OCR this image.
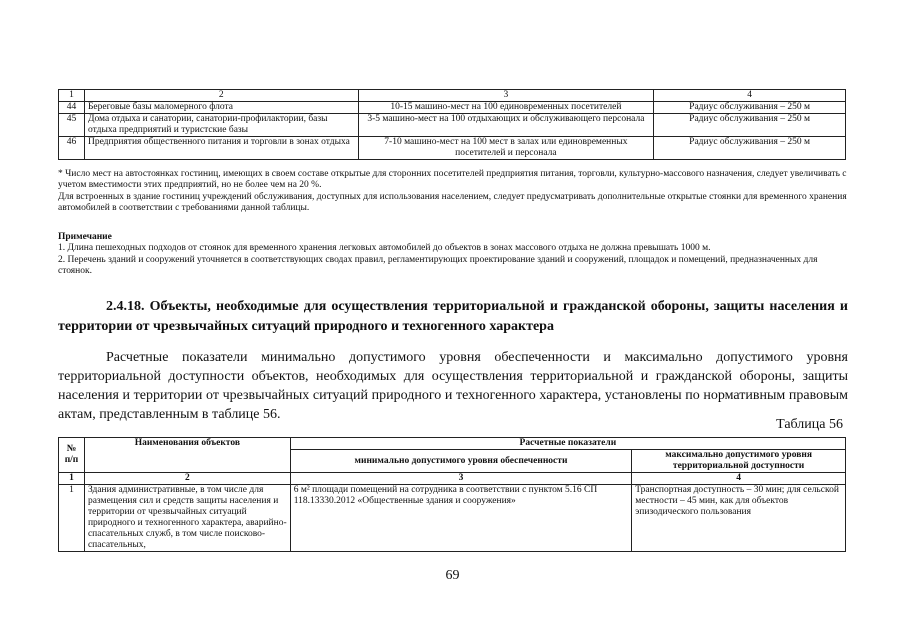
1	2	3	4
44	Береговые базы маломерного флота	10-15 машино-мест на 100 единовременных посетителей	Радиус обслуживания – 250 м
45	Дома отдыха и санатории, санатории-профилактории, базы отдыха предприятий и туристские базы	3-5 машино-мест на 100 отдыхающих и обслуживающего персонала	Радиус обслуживания – 250 м
46	Предприятия общественного питания и торговли в зонах отдыха	7-10 машино-мест на 100 мест в залах или единовременных посетителей и персонала	Радиус обслуживания – 250 м
* Число мест на автостоянках гостиниц, имеющих в своем составе открытые для сторонних посетителей предприятия питания, торговли, культурно-массового назначения, следует увеличивать с учетом вместимости этих предприятий, но не более чем на 20 %.
Для встроенных в здание гостиниц учреждений обслуживания, доступных для использования населением, следует предусматривать дополнительные открытые стоянки для временного хранения автомобилей в соответствии с требованиями данной таблицы.
Примечание
1. Длина пешеходных подходов от стоянок для временного хранения легковых автомобилей до объектов в зонах массового отдыха не должна превышать 1000 м.
2. Перечень зданий и сооружений уточняется в соответствующих сводах правил, регламентирующих проектирование зданий и сооружений, площадок и помещений, предназначенных для стоянок.
2.4.18. Объекты, необходимые для осуществления территориальной и гражданской обороны, защиты населения и территории от чрезвычайных ситуаций природного и техногенного характера
Расчетные показатели минимально допустимого уровня обеспеченности и максимально допустимого уровня территориальной доступности объектов, необходимых для осуществления территориальной и гражданской обороны, защиты населения и территории от чрезвычайных ситуаций природного и техногенного характера, установлены по нормативным правовым актам, представленным в таблице 56.
Таблица 56
№ п/п	Наименования объектов	Расчетные показатели	
		минимально допустимого уровня обеспеченности	максимально допустимого уровня территориальной доступности
1	2	3	4
1	Здания административные, в том числе для размещения сил и средств защиты населения и территории от чрезвычайных ситуаций природного и техногенного характера, аварийно-спасательных служб, в том числе поисково-спасательных,	6 м² площади помещений на сотрудника в соответствии с пунктом 5.16 СП 118.13330.2012 «Общественные здания и сооружения»	Транспортная доступность – 30 мин; для сельской местности – 45 мин, как для объектов эпизодического пользования
69
